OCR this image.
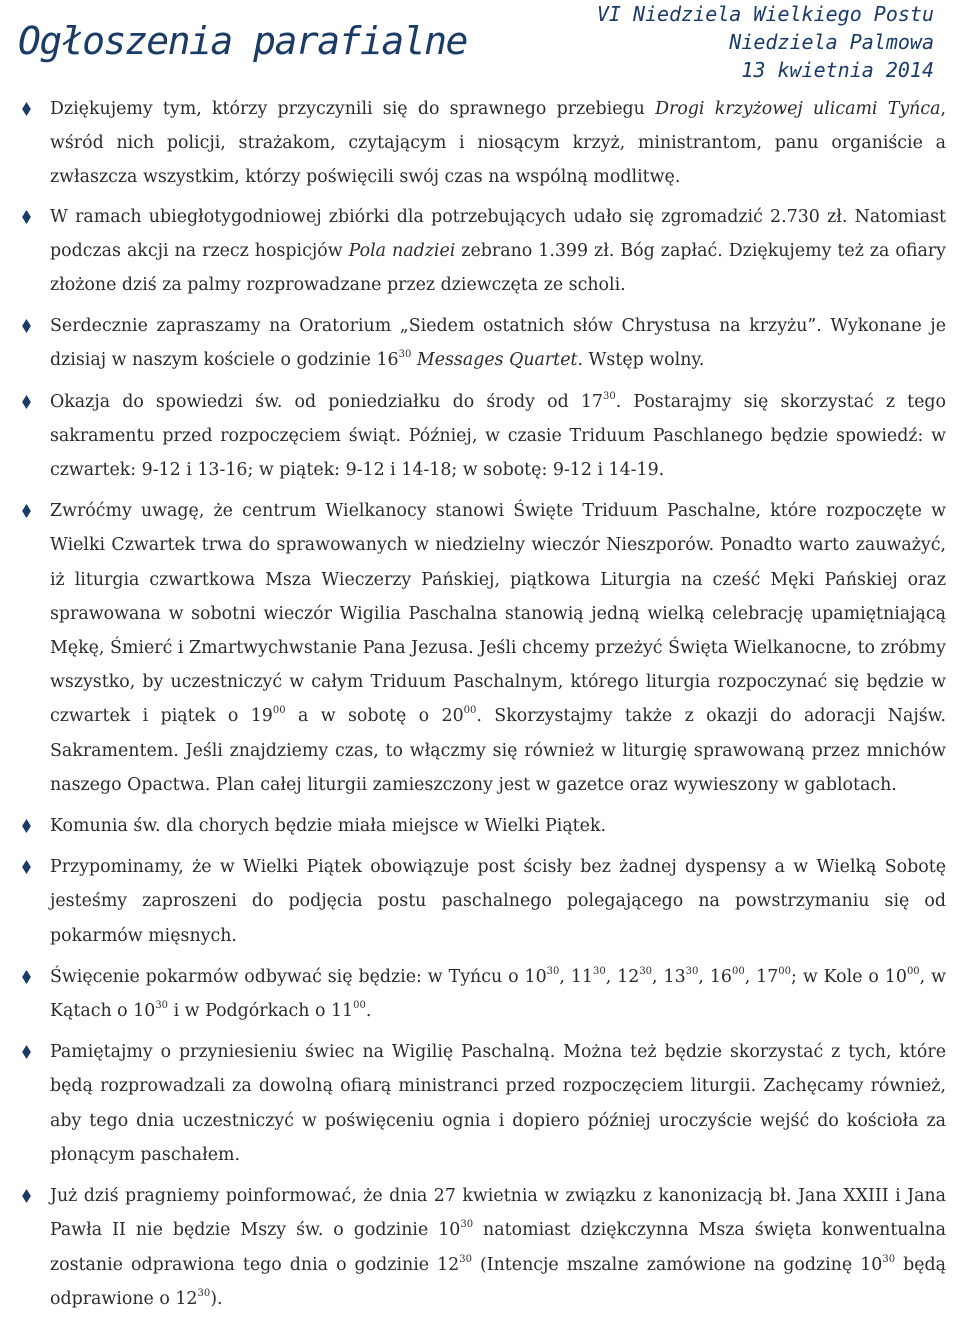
Ogłoszenia parafialne
VI Niedziela Wielkiego Postu
Niedziela Palmowa
13 kwietnia 2014
Dziękujemy tym, którzy przyczynili się do sprawnego przebiegu Drogi krzyżowej ulicami Tyńca, wśród nich policji, strażakom, czytającym i niosącym krzyż, ministrantom, panu organiście a zwłaszcza wszystkim, którzy poświęcili swój czas na wspólną modlitwę.
W ramach ubiegłotygodniowej zbiórki dla potrzebujących udało się zgromadzić 2.730 zł. Natomiast podczas akcji na rzecz hospicjów Pola nadziei zebrano 1.399 zł. Bóg zapłać. Dziękujemy też za ofiary złożone dziś za palmy rozprowadzane przez dziewczęta ze scholi.
Serdecznie zapraszamy na Oratorium „Siedem ostatnich słów Chrystusa na krzyżu”. Wykonane je dzisiaj w naszym kościele o godzinie $16^{30}$ Messages Quartet. Wstęp wolny.
Okazja do spowiedzi św. od poniedziałku do środy od $17^{30}$. Postarajmy się skorzystać z tego sakramentu przed rozpoczęciem świąt. Później, w czasie Triduum Paschlanego będzie spowiedź: w czwartek: 9-12 i 13-16; w piątek: 9-12 i 14-18; w sobotę: 9-12 i 14-19.
Zwróćmy uwagę, że centrum Wielkanocy stanowi Święte Triduum Paschalne, które rozpoczęte w Wielki Czwartek trwa do sprawowanych w niedzielny wieczór Nieszporów. Ponadto warto zauważyć, iż liturgia czwartkowa Msza Wieczerzy Pańskiej, piątkowa Liturgia na cześć Męki Pańskiej oraz sprawowana w sobotni wieczór Wigilia Paschalna stanowią jedną wielką celebrację upamiętniającą Mękę, Śmierć i Zmartwychwstanie Pana Jezusa. Jeśli chcemy przeżyć Święta Wielkanocne, to zróbmy wszystko, by uczestniczyć w całym Triduum Paschalnym, którego liturgia rozpoczynać się będzie w czwartek i piątek o $19^{00}$ a w sobotę o $20^{00}$. Skorzystajmy także z okazji do adoracji Najśw. Sakramentem. Jeśli znajdziemy czas, to włączmy się również w liturgię sprawowaną przez mnichów naszego Opactwa. Plan całej liturgii zamieszczony jest w gazetce oraz wywieszony w gablotach.
Komunia św. dla chorych będzie miała miejsce w Wielki Piątek.
Przypominamy, że w Wielki Piątek obowiązuje post ścisły bez żadnej dyspensy a w Wielką Sobotę jesteśmy zaproszeni do podjęcia postu paschalnego polegającego na powstrzymaniu się od pokarmów mięsnych.
Święcenie pokarmów odbywać się będzie: w Tyńcu o $10^{30}$, $11^{30}$, $12^{30}$, $13^{30}$, $16^{00}$, $17^{00}$; w Kole o $10^{00}$, w Kątach o $10^{30}$ i w Podgórkach o $11^{00}$.
Pamiętajmy o przyniesieniu świec na Wigilię Paschalną. Można też będzie skorzystać z tych, które będą rozprowadzali za dowolną ofiarą ministranci przed rozpoczęciem liturgii. Zachęcamy również, aby tego dnia uczestniczyć w poświęceniu ognia i dopiero później uroczyście wejść do kościoła za płonącym paschałem.
Już dziś pragniemy poinformować, że dnia 27 kwietnia w związku z kanonizacją bł. Jana XXIII i Jana Pawła II nie będzie Mszy św. o godzinie $10^{30}$ natomiast dziękczynna Msza święta konwentualna zostanie odprawiona tego dnia o godzinie $12^{30}$ (Intencje mszalne zamówione na godzinę $10^{30}$ będą odprawione o $12^{30}$).
